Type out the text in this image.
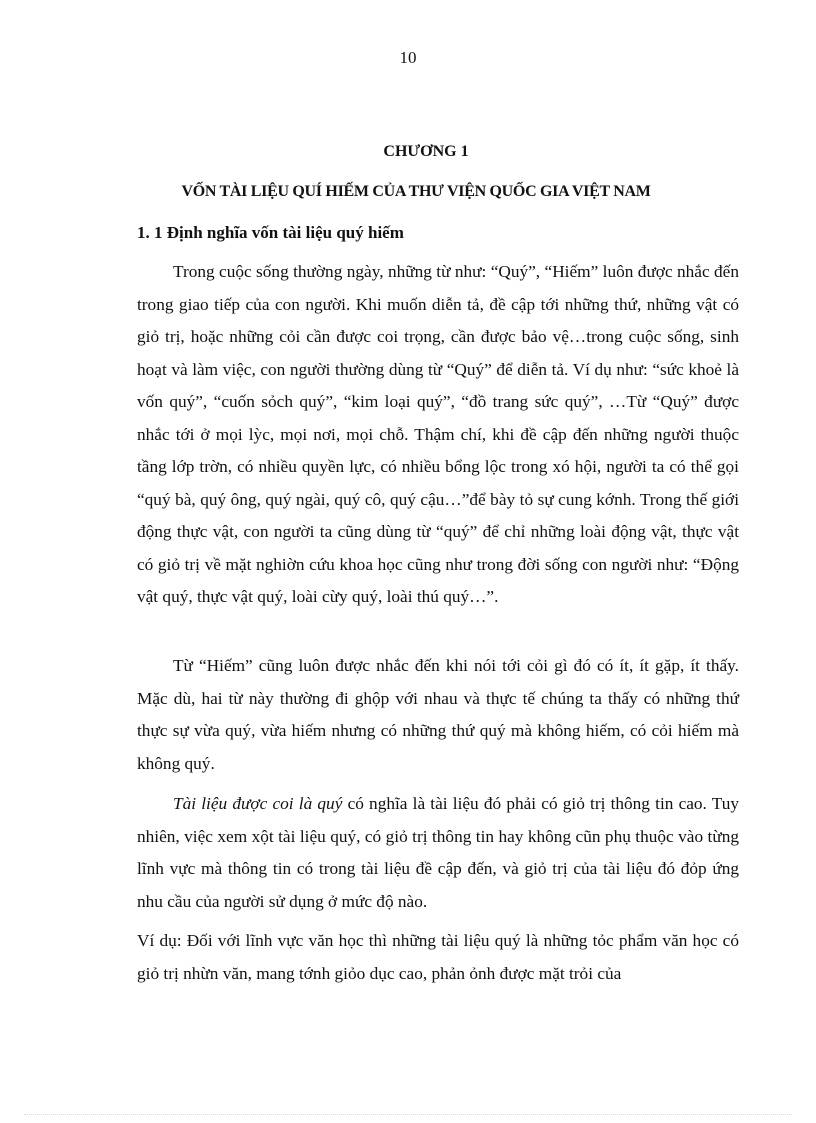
10
CHƯƠNG 1
VỐN TÀI LIỆU QUÍ HIẾM CỦA THƯ VIỆN QUỐC GIA VIỆT NAM
1. 1 Định nghĩa vốn tài liệu quý hiếm

Trong cuộc sống thường ngày, những từ như: “Quý”, “Hiếm” luôn được nhắc đến trong giao tiếp của con người. Khi muốn diễn tả, đề cập tới những thứ, những vật có giỏ trị, hoặc những cỏi cần được coi trọng, cần được bảo vệ…trong cuộc sống, sinh hoạt và làm việc, con người thường dùng từ “Quý” để diễn tả. Ví dụ như: “sức khoẻ là vốn quý”, “cuốn sỏch quý”, “kim loại quý”, “đồ trang sức quý”, …Từ “Quý” được nhắc tới ở mọi lỳc, mọi nơi, mọi chỗ. Thậm chí, khi đề cập đến những người thuộc tầng lớp trờn, có nhiều quyền lực, có nhiều bổng lộc trong xó hội, người ta có thể gọi “quý bà, quý ông, quý ngài, quý cô, quý cậu…”để bày tỏ sự cung kớnh. Trong thế giới động thực vật, con người ta cũng dùng từ “quý” để chỉ những loài động vật, thực vật có giỏ trị về mặt nghiờn cứu khoa học cũng như trong đời sống con người như: “Động vật quý, thực vật quý, loài cừy quý, loài thú quý…”.

Từ “Hiếm” cũng luôn được nhắc đến khi nói tới cỏi gì đó có ít, ít gặp, ít thấy. Mặc dù, hai từ này thường đi ghộp với nhau và thực tế chúng ta thấy có những thứ thực sự vừa quý, vừa hiếm nhưng có những thứ quý mà không hiếm, có cỏi hiếm mà không quý.

Tài liệu được coi là quý có nghĩa là tài liệu đó phải có giỏ trị thông tin cao. Tuy nhiên, việc xem xột tài liệu quý, có giỏ trị thông tin hay không cũn phụ thuộc vào từng lĩnh vực mà thông tin có trong tài liệu đề cập đến, và giỏ trị của tài liệu đó đỏp ứng nhu cầu của người sử dụng ở mức độ nào.

Ví dụ: Đối với lĩnh vực văn học thì những tài liệu quý là những tỏc phẩm văn học có giỏ trị nhừn văn, mang tớnh giỏo dục cao, phản ỏnh được mặt trỏi của
